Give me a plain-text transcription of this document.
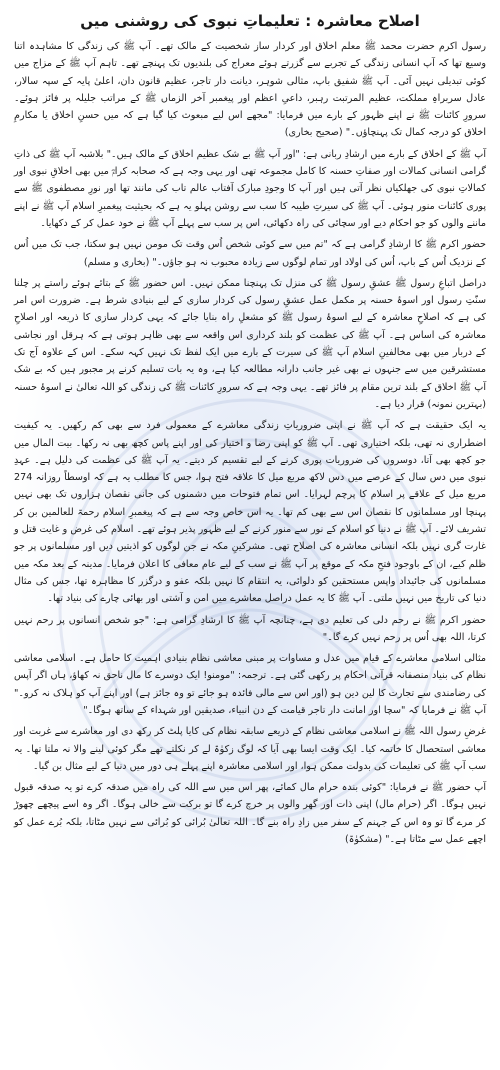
اصلاح معاشرہ : تعلیماتِ نبوی کی روشنی میں

رسول اکرم حضرت محمد ﷺ معلم اخلاق اور کردار ساز شخصیت کے مالک تھے۔ آپ ﷺ کی زندگی کا مشاہدہ اتنا وسیع تھا کہ آپ انسانی زندگی کے تجربے سے گزرتے ہوئے معراج کی بلندیوں تک پہنچے تھے۔ تاہم آپ ﷺ کے مزاج میں کوئی تبدیلی نہیں آئی۔ آپ ﷺ شفیق باپ، مثالی شوہر، دیانت دار تاجر، عظیم قانون دان، اعلیٰ پایہ کے سپہ سالار، عادل سربراہِ مملکت، عظیم المرتبت رہبر، داعیِ اعظم اور پیغمبر آخر الزماں ﷺ کے مراتب جلیلہ پر فائز ہوئے۔ سرورِ کائنات ﷺ نے اپنے ظہور کے بارے میں فرمایا: "مجھے اس لیے مبعوث کیا گیا ہے کہ میں حسنِ اخلاق یا مکارمِ اخلاق کو درجہ کمال تک پہنچاؤں۔" (صحیح بخاری)

آپ ﷺ کے اخلاق کے بارے میں ارشادِ ربانی ہے: "اور آپ ﷺ بے شک عظیم اخلاق کے مالک ہیں۔" بلاشبہ آپ ﷺ کی ذاتِ گرامی انسانی کمالات اور صفاتِ حسنہ کا کامل مجموعہ تھی اور یہی وجہ ہے کہ صحابہ کرامؓ میں بھی اخلاقِ نبوی اور کمالاتِ نبوی کی جھلکیاں نظر آتی ہیں اور آپ کا وجودِ مبارک آفتاب عالم تاب کی مانند تھا اور نورِ مصطفوی ﷺ سے پوری کائنات منور ہوئی۔ آپ ﷺ کی سیرتِ طیبہ کا سب سے روشن پہلو یہ ہے کہ بحیثیت پیغمبرِ اسلام آپ ﷺ نے اپنے ماننے والوں کو جو احکام دیے اور سچائی کی راہ دکھائی، اس پر سب سے پہلے آپ ﷺ نے خود عمل کر کے دکھایا۔

حضور اکرم ﷺ کا ارشادِ گرامی ہے کہ "تم میں سے کوئی شخص اُس وقت تک مومن نہیں ہو سکتا، جب تک میں اُس کے نزدیک اُس کے باپ، اُس کی اولاد اور تمام لوگوں سے زیادہ محبوب نہ ہو جاؤں۔" (بخاری و مسلم)

دراصل اتباعِ رسول ﷺ عشقِ رسول ﷺ کی منزل تک پہنچنا ممکن نہیں۔ اس حضور ﷺ کے بتائے ہوئے راستے پر چلنا سنّتِ رسول اور اسوۂ حسنہ پر مکمل عمل عشقِ رسول کی کردار سازی کے لیے بنیادی شرط ہے۔ ضرورت اس امر کی ہے کہ اصلاحِ معاشرہ کے لیے اسوۂ رسول ﷺ کو مشعلِ راہ بنایا جائے کہ یہی کردار سازی کا ذریعہ اور اصلاحِ معاشرہ کی اساس ہے۔ آپ ﷺ کی عظمت کو بلند کرداری اس واقعہ سے بھی ظاہر ہوتی ہے کہ ہرقل اور نجاشی کے دربار میں بھی مخالفینِ اسلام آپ ﷺ کی سیرت کے بارے میں ایک لفظ تک نہیں کہہ سکے۔ اس کے علاوہ آج تک مستشرقین میں سے جنہوں نے بھی غیر جانب دارانہ مطالعہ کیا ہے، وہ یہ بات تسلیم کرنے پر مجبور ہیں کہ بے شک آپ ﷺ اخلاق کے بلند ترین مقام پر فائز تھے۔ یہی وجہ ہے کہ سرورِ کائنات ﷺ کی زندگی کو اللہ تعالیٰ نے اسوۂ حسنہ (بہترین نمونہ) قرار دیا ہے۔

یہ ایک حقیقت ہے کہ آپ ﷺ نے اپنی ضروریاتِ زندگی معاشرے کے معمولی فرد سے بھی کم رکھیں۔ یہ کیفیت اضطراری نہ تھی، بلکہ اختیاری تھی۔ آپ ﷺ کو اپنی رضا و اختیار کی اور اپنے پاس کچھ بھی نہ رکھا۔ بیت المال میں جو کچھ بھی آتا، دوسروں کی ضروریات پوری کرنے کے لیے تقسیم کر دیتے۔ یہ آپ ﷺ کی عظمت کی دلیل ہے۔ عہدِ نبوی میں دس سال کے عرصے میں دس لاکھ مربع میل کا علاقہ فتح ہوا، جس کا مطلب یہ ہے کہ اوسطاً روزانہ 274 مربع میل کے علاقے پر اسلام کا پرچم لہرایا۔ اس تمام فتوحات میں دشمنوں کی جانی نقصان ہزاروں تک بھی نہیں پہنچا اور مسلمانوں کا نقصان اس سے بھی کم تھا۔ یہ اس خاص وجہ سے ہے کہ پیغمبرِ اسلام رحمۃ للعالمین بن کر تشریف لائے۔ آپ ﷺ نے دنیا کو اسلام کے نور سے منور کرنے کے لیے ظہور پذیر ہوئے تھے۔ اسلام کی غرض و غایت قتل و غارت گری نہیں بلکہ انسانی معاشرہ کی اصلاح تھی۔ مشرکینِ مکہ نے جن لوگوں کو اذیتیں دیں اور مسلمانوں پر جو ظلم کیے، ان کے باوجود فتحِ مکہ کے موقع پر آپ ﷺ نے سب کے لیے عام معافی کا اعلان فرمایا۔ مدینہ کے بعد مکہ میں مسلمانوں کی جائیداد واپس مستحقین کو دلوائی، یہ انتقام کا نہیں بلکہ عفو و درگزر کا مظاہرہ تھا، جس کی مثال دنیا کی تاریخ میں نہیں ملتی۔ آپ ﷺ کا یہ عمل دراصل معاشرے میں امن و آشتی اور بھائی چارے کی بنیاد تھا۔

حضور اکرم ﷺ نے رحم دلی کی تعلیم دی ہے، چنانچہ آپ ﷺ کا ارشادِ گرامی ہے: "جو شخص انسانوں پر رحم نہیں کرتا، اللہ بھی اُس پر رحم نہیں کرے گا۔"

مثالی اسلامی معاشرے کے قیام میں عدل و مساوات پر مبنی معاشی نظام بنیادی اہمیت کا حامل ہے۔ اسلامی معاشی نظام کی بنیاد منصفانہ قرآنی احکام پر رکھی گئی ہے۔ ترجمہ: "مومنو! ایک دوسرے کا مال ناحق نہ کھاؤ، ہاں اگر آپس کی رضامندی سے تجارت کا لین دین ہو (اور اس سے مالی فائدہ ہو جائے تو وہ جائز ہے) اور اپنے آپ کو ہلاک نہ کرو۔" آپ ﷺ نے فرمایا کہ "سچا اور امانت دار تاجر قیامت کے دن انبیاء، صدیقین اور شہداء کے ساتھ ہوگا۔"

غرضِ رسول اللہ ﷺ نے اسلامی معاشی نظام کے ذریعے سابقہ نظام کی کایا پلٹ کر رکھ دی اور معاشرے سے غربت اور معاشی استحصال کا خاتمہ کیا۔ ایک وقت ایسا بھی آیا کہ لوگ زکوٰۃ لے کر نکلتے تھے مگر کوئی لینے والا نہ ملتا تھا۔ یہ سب آپ ﷺ کی تعلیمات کی بدولت ممکن ہوا، اور اسلامی معاشرہ اپنے پہلے ہی دور میں دنیا کے لیے مثال بن گیا۔

آپ حضور ﷺ نے فرمایا: "کوئی بندہ حرام مال کمائے، پھر اس میں سے اللہ کی راہ میں صدقہ کرے تو یہ صدقہ قبول نہیں ہوگا۔ اگر (حرام مال) اپنی ذات اور گھر والوں پر خرچ کرے گا تو برکت سے خالی ہوگا۔ اگر وہ اسے پیچھے چھوڑ کر مرے گا تو وہ اس کے جہنم کے سفر میں زادِ راہ بنے گا۔ اللہ تعالیٰ بُرائی کو بُرائی سے نہیں مٹاتا، بلکہ بُرے عمل کو اچھے عمل سے مٹاتا ہے۔" (مشکوٰۃ)
